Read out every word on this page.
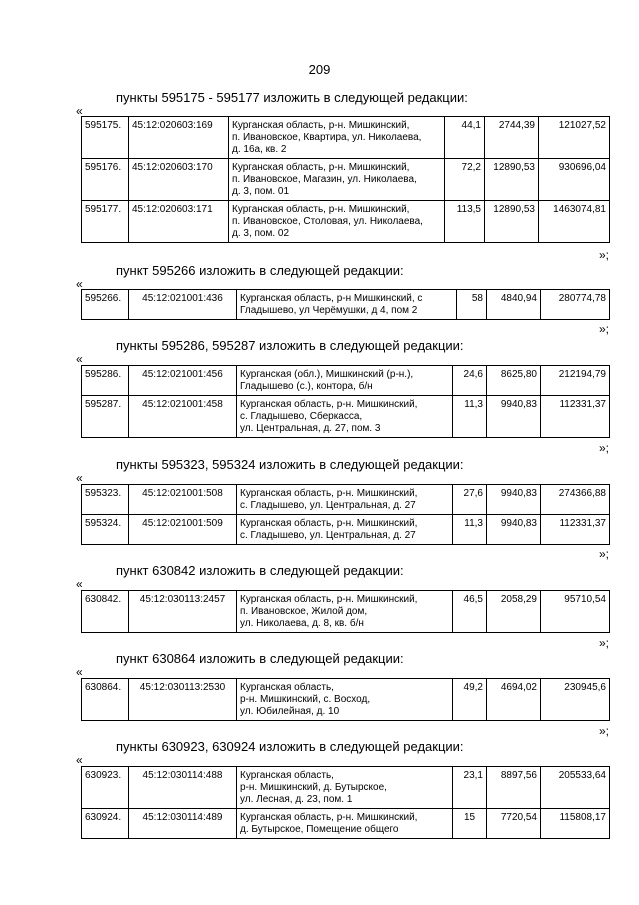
209
пункты 595175 - 595177 изложить в следующей редакции:
«
595175.	45:12:020603:169	Курганская область, р-н. Мишкинский,
п. Ивановское, Квартира, ул. Николаева,
д. 16а, кв. 2	44,1	2744,39	121027,52
595176.	45:12:020603:170	Курганская область, р-н. Мишкинский,
п. Ивановское, Магазин, ул. Николаева,
д. 3, пом. 01	72,2	12890,53	930696,04
595177.	45:12:020603:171	Курганская область, р-н. Мишкинский,
п. Ивановское, Столовая, ул. Николаева,
д. 3, пом. 02	113,5	12890,53	1463074,81
»;
пункт 595266 изложить в следующей редакции:
«
595266.	45:12:021001:436	Курганская область, р-н Мишкинский, с
Гладышево, ул Черёмушки, д 4, пом 2
	58	4840,94	280774,78
»;
пункты 595286, 595287 изложить в следующей редакции:
«
595286.	45:12:021001:456	Курганская (обл.), Мишкинский (р-н.),
Гладышево (с.), контора, б/н	24,6	8625,80	212194,79
595287.	45:12:021001:458	Курганская область, р-н. Мишкинский,
с. Гладышево, Сберкасса,
ул. Центральная, д. 27, пом. 3	11,3	9940,83	112331,37
»;
пункты 595323, 595324 изложить в следующей редакции:
«
595323.	45:12:021001:508	Курганская область, р-н. Мишкинский,
с. Гладышево, ул. Центральная, д. 27	27,6	9940,83	274366,88
595324.	45:12:021001:509	Курганская область, р-н. Мишкинский,
с. Гладышево, ул. Центральная, д. 27	11,3	9940,83	112331,37
»;
пункт 630842 изложить в следующей редакции:
«
630842.	45:12:030113:2457	Курганская область, р-н. Мишкинский,
п. Ивановское, Жилой дом,
ул. Николаева, д. 8, кв. б/н
	46,5	2058,29	95710,54
»;
пункт 630864 изложить в следующей редакции:
«
630864.	45:12:030113:2530	Курганская область,
р-н. Мишкинский, с. Восход,
ул. Юбилейная, д. 10
	49,2	4694,02	230945,6
»;
пункты 630923, 630924 изложить в следующей редакции:
«
630923.	45:12:030114:488	Курганская область,
р-н. Мишкинский, д. Бутырское,
ул. Лесная, д. 23, пом. 1	23,1	8897,56	205533,64
630924.	45:12:030114:489	Курганская область, р-н. Мишкинский,
д. Бутырское, Помещение общего	15	7720,54	115808,17
